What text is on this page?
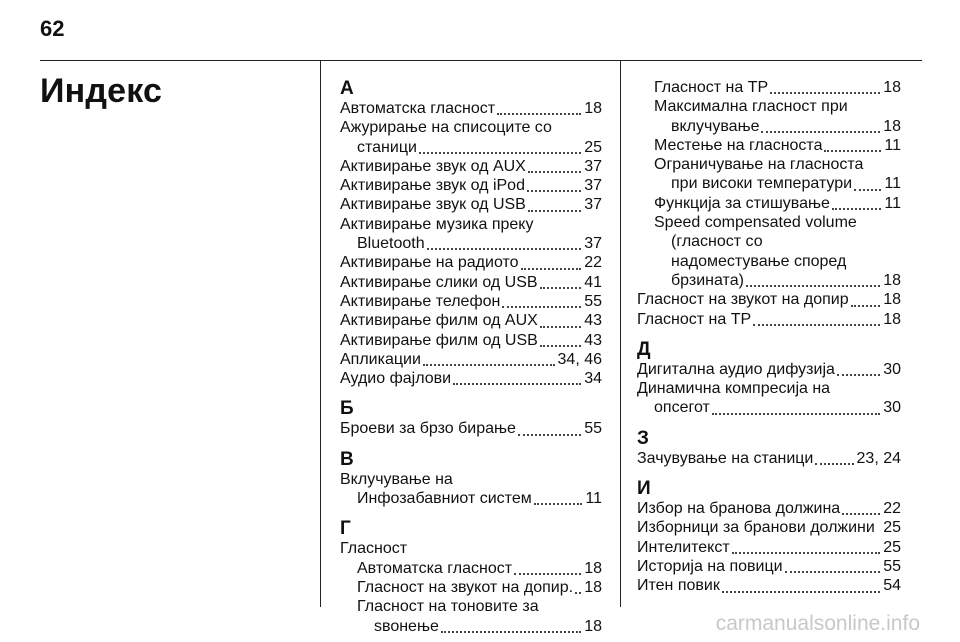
62
Индекс	А
Автоматска гласност	18
Ажурирање на списоците со
станици	25
Активирање звук од AUX	37
Активирање звук од iPod	37
Активирање звук од USB	37
Активирање музика преку
Bluetooth	37
Активирање на радиото	22
Активирање слики од USB	41
Активирање телефон	55
Активирање филм од AUX	43
Активирање филм од USB	43
Апликации	34, 46
Аудио фајлови	34
Б
Броеви за брзо бирање	55
В
Вклучување на
Инфозабавниот систем	11
Г
Гласност
Автоматска гласност	18
Гласност на звукот на допир. 18
Гласност на тоновите за
ѕвонење	18
Гласност на TP	18
Максимална гласност при
вклучување	18
Местење на гласноста	11
Ограничување на гласноста
при високи температури 11
Функција за стишување	11
Speed compensated volume
(гласност со
надоместување според
брзината)	18
Гласност на звукот на допир 18
Гласност на TP	18
Д
Дигитална аудио дифузија	30
Динамична компресија на
опсегот	30
З
Зачувување на станици	23, 24
И
Избор на бранова должина	22
Изборници за бранови должини 25
Интелитекст	25
Историја на повици	55
Итен повик	54
carmanualsonline.info
